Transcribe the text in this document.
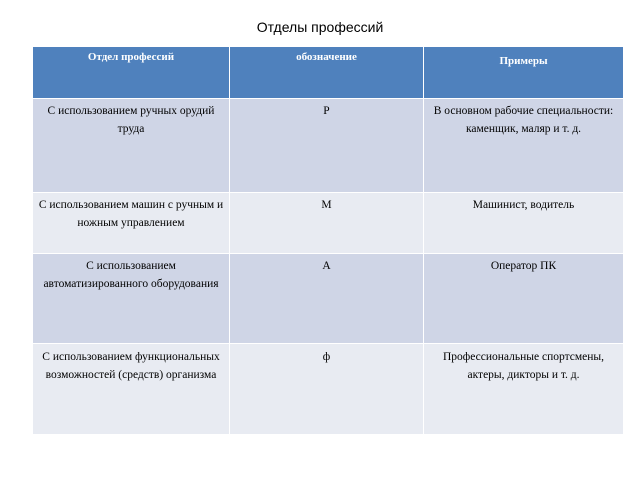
Отделы профессий
Отдел профессий	обозначение	Примеры
С использованием ручных орудий труда	Р	В основном рабочие специальности: каменщик, маляр и т. д.
С использованием машин с ручным и ножным управлением	М	Машинист, водитель
С использованием автоматизированного оборудования	А	Оператор ПК
С использованием функциональных возможностей (средств) организма	ф	Профессиональные спортсмены, актеры, дикторы и т. д.
